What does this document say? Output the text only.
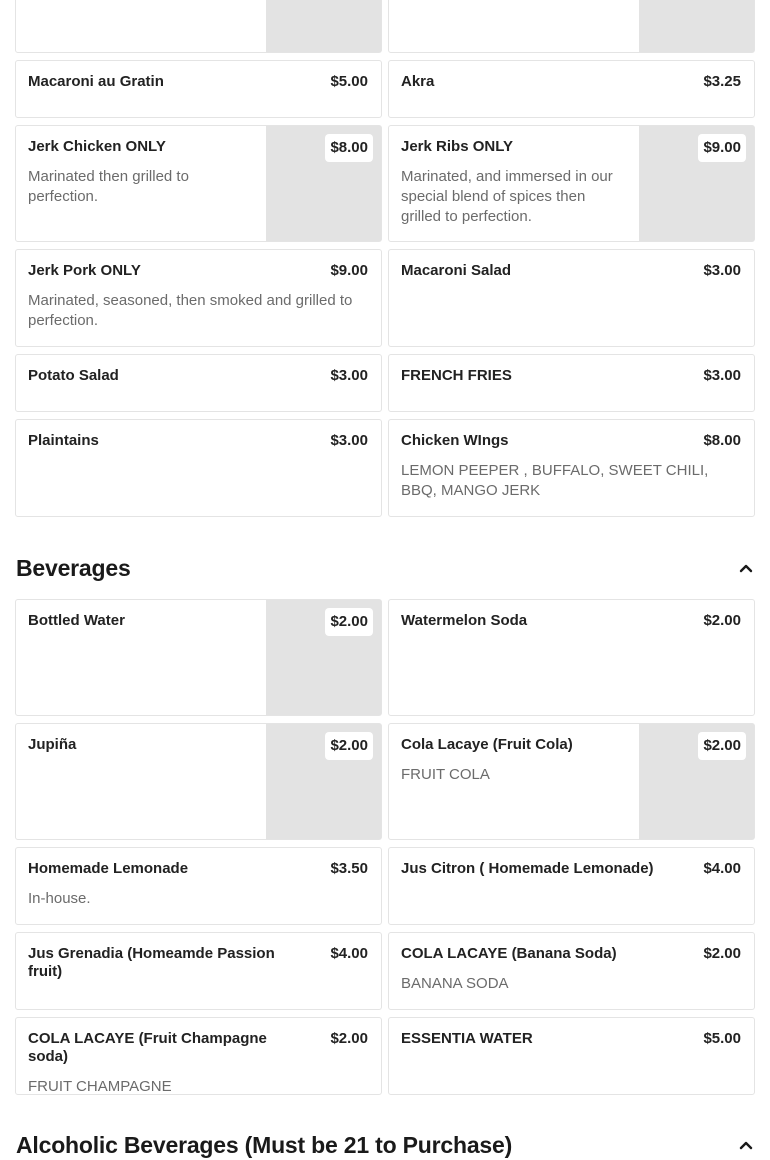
Macaroni au Gratin	$5.00 Akra	$3.25
Jerk Chicken ONLY
Marinated then grilled to perfection.
$8.00	Jerk Ribs ONLY
Marinated, and immersed in our special blend of spices then grilled to perfection.
$9.00
Jerk Pork ONLY
Marinated, seasoned, then smoked and grilled to perfection.
$9.00 Macaroni Salad	$3.00
Potato Salad	$3.00 FRENCH FRIES	$3.00
Plaintains	$3.00 Chicken WIngs
LEMON PEEPER , BUFFALO, SWEET CHILI, BBQ, MANGO JERK
$8.00
Beverages
Bottled Water	$2.00	Watermelon Soda	$2.00
Jupiña	$2.00	Cola Lacaye (Fruit Cola)
FRUIT COLA
$2.00
Homemade Lemonade
In-house.
$3.50 Jus Citron ( Homemade Lemonade)	$4.00
Jus Grenadia (Homeamde Passion fruit)
$4.00 COLA LACAYE (Banana Soda)
BANANA SODA
$2.00
COLA LACAYE (Fruit Champagne soda)
FRUIT CHAMPAGNE
$2.00 ESSENTIA WATER	$5.00
Alcoholic Beverages (Must be 21 to Purchase)
